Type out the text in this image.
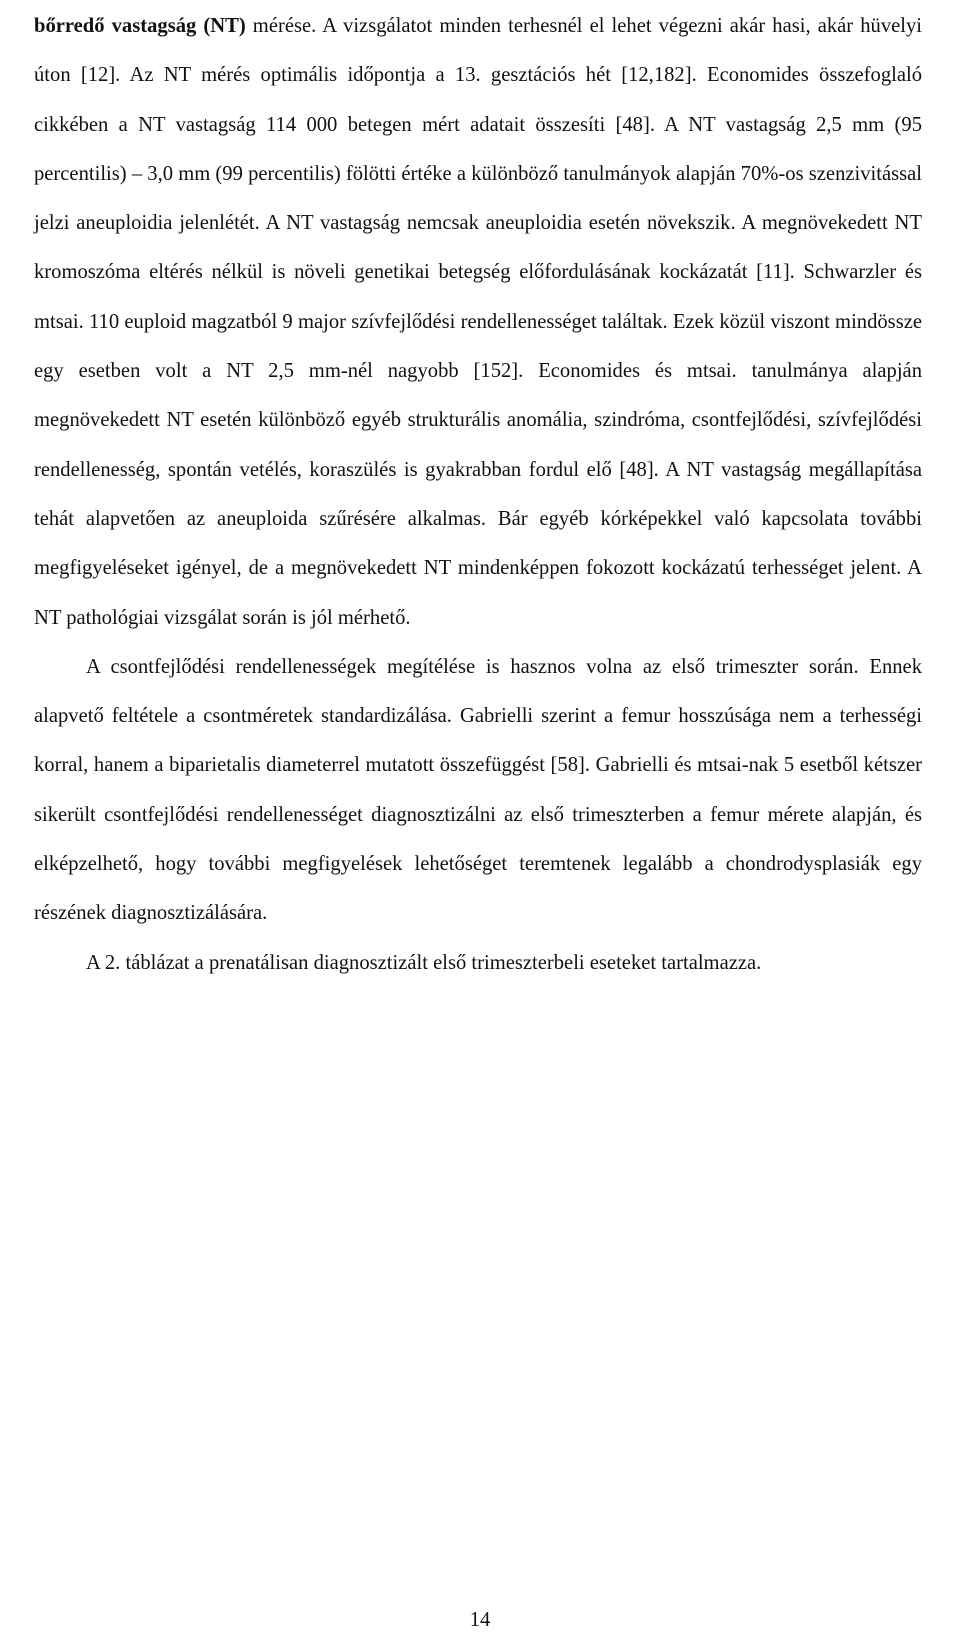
bőrredő vastagság (NT) mérése. A vizsgálatot minden terhesnél el lehet végezni akár hasi, akár hüvelyi úton [12]. Az NT mérés optimális időpontja a 13. gesztációs hét [12,182]. Economides összefoglaló cikkében a NT vastagság 114 000 betegen mért adatait összesíti [48]. A NT vastagság 2,5 mm (95 percentilis) – 3,0 mm (99 percentilis) fölötti értéke a különböző tanulmányok alapján 70%-os szenzivitással jelzi aneuploidia jelenlétét. A NT vastagság nemcsak aneuploidia esetén növekszik. A megnövekedett NT kromoszóma eltérés nélkül is növeli genetikai betegség előfordulásának kockázatát [11]. Schwarzler és mtsai. 110 euploid magzatból 9 major szívfejlődési rendellenességet találtak. Ezek közül viszont mindössze egy esetben volt a NT 2,5 mm-nél nagyobb [152]. Economides és mtsai. tanulmánya alapján megnövekedett NT esetén különböző egyéb strukturális anomália, szindróma, csontfejlődési, szívfejlődési rendellenesség, spontán vetélés, koraszülés is gyakrabban fordul elő [48]. A NT vastagság megállapítása tehát alapvetően az aneuploida szűrésére alkalmas. Bár egyéb kórképekkel való kapcsolata további megfigyeléseket igényel, de a megnövekedett NT mindenképpen fokozott kockázatú terhességet jelent. A NT pathológiai vizsgálat során is jól mérhető.

A csontfejlődési rendellenességek megítélése is hasznos volna az első trimeszter során. Ennek alapvető feltétele a csontméretek standardizálása. Gabrielli szerint a femur hosszúsága nem a terhességi korral, hanem a biparietalis diameterrel mutatott összefüggést [58]. Gabrielli és mtsai-nak 5 esetből kétszer sikerült csontfejlődési rendellenességet diagnosztizálni az első trimeszterben a femur mérete alapján, és elképzelhető, hogy további megfigyelések lehetőséget teremtenek legalább a chondrodysplasiák egy részének diagnosztizálására.

A 2. táblázat a prenatálisan diagnosztizált első trimeszterbeli eseteket tartalmazza.

14
